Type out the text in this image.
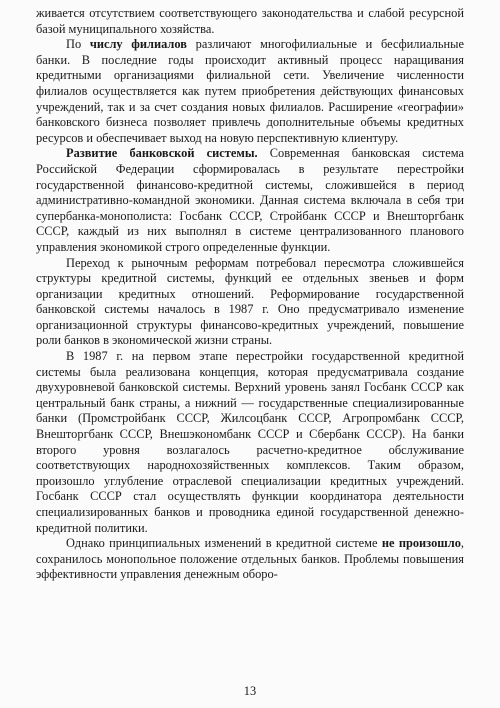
живается отсутствием соответствующего законодательства и слабой ресурсной базой муниципального хозяйства.

По числу филиалов различают многофилиальные и бесфилиальные банки. В последние годы происходит активный процесс наращивания кредитными организациями филиальной сети. Увеличение численности филиалов осуществляется как путем приобретения действующих финансовых учреждений, так и за счет создания новых филиалов. Расширение «географии» банковского бизнеса позволяет привлечь дополнительные объемы кредитных ресурсов и обеспечивает выход на новую перспективную клиентуру.

Развитие банковской системы. Современная банковская система Российской Федерации сформировалась в результате перестройки государственной финансово-кредитной системы, сложившейся в период административно-командной экономики. Данная система включала в себя три супербанка-монополиста: Госбанк СССР, Стройбанк СССР и Внешторгбанк СССР, каждый из них выполнял в системе централизованного планового управления экономикой строго определенные функции.

Переход к рыночным реформам потребовал пересмотра сложившейся структуры кредитной системы, функций ее отдельных звеньев и форм организации кредитных отношений. Реформирование государственной банковской системы началось в 1987 г. Оно предусматривало изменение организационной структуры финансово-кредитных учреждений, повышение роли банков в экономической жизни страны.

В 1987 г. на первом этапе перестройки государственной кредитной системы была реализована концепция, которая предусматривала создание двухуровневой банковской системы. Верхний уровень занял Госбанк СССР как центральный банк страны, а нижний — государственные специализированные банки (Промстройбанк СССР, Жилсоцбанк СССР, Агропромбанк СССР, Внешторгбанк СССР, Внешэкономбанк СССР и Сбербанк СССР). На банки второго уровня возлагалось расчетно-кредитное обслуживание соответствующих народнохозяйственных комплексов. Таким образом, произошло углубление отраслевой специализации кредитных учреждений. Госбанк СССР стал осуществлять функции координатора деятельности специализированных банков и проводника единой государственной денежно-кредитной политики.

Однако принципиальных изменений в кредитной системе не произошло, сохранилось монопольное положение отдельных банков. Проблемы повышения эффективности управления денежным оборо-

13
